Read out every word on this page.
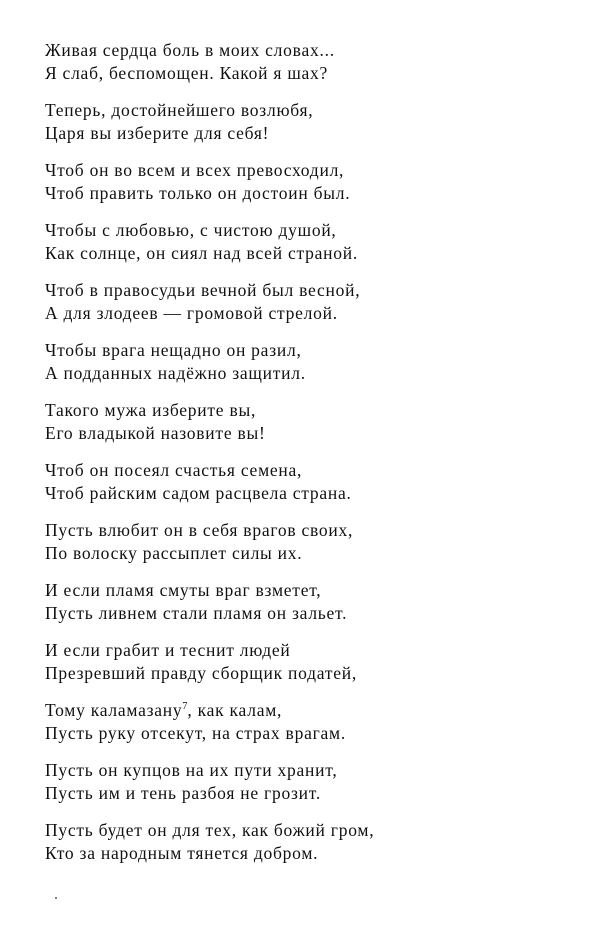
Живая сердца боль в моих словах...
Я слаб, беспомощен. Какой я шах?
Теперь, достойнейшего возлюбя,
Царя вы изберите для себя!
Чтоб он во всем и всех превосходил,
Чтоб править только он достоин был.
Чтобы с любовью, с чистою душой,
Как солнце, он сиял над всей страной.
Чтоб в правосудьи вечной был весной,
А для злодеев — громовой стрелой.
Чтобы врага нещадно он разил,
А подданных надёжно защитил.
Такого мужа изберите вы,
Его владыкой назовите вы!
Чтоб он посеял счастья семена,
Чтоб райским садом расцвела страна.
Пусть влюбит он в себя врагов своих,
По волоску рассыплет силы их.
И если пламя смуты враг взметет,
Пусть ливнем стали пламя он зальет.
И если грабит и теснит людей
Презревший правду сборщик податей,
Тому каламазану$^7$, как калам,
Пусть руку отсекут, на страх врагам.
Пусть он купцов на их пути хранит,
Пусть им и тень разбоя не грозит.
Пусть будет он для тех, как божий гром,
Кто за народным тянется добром.
